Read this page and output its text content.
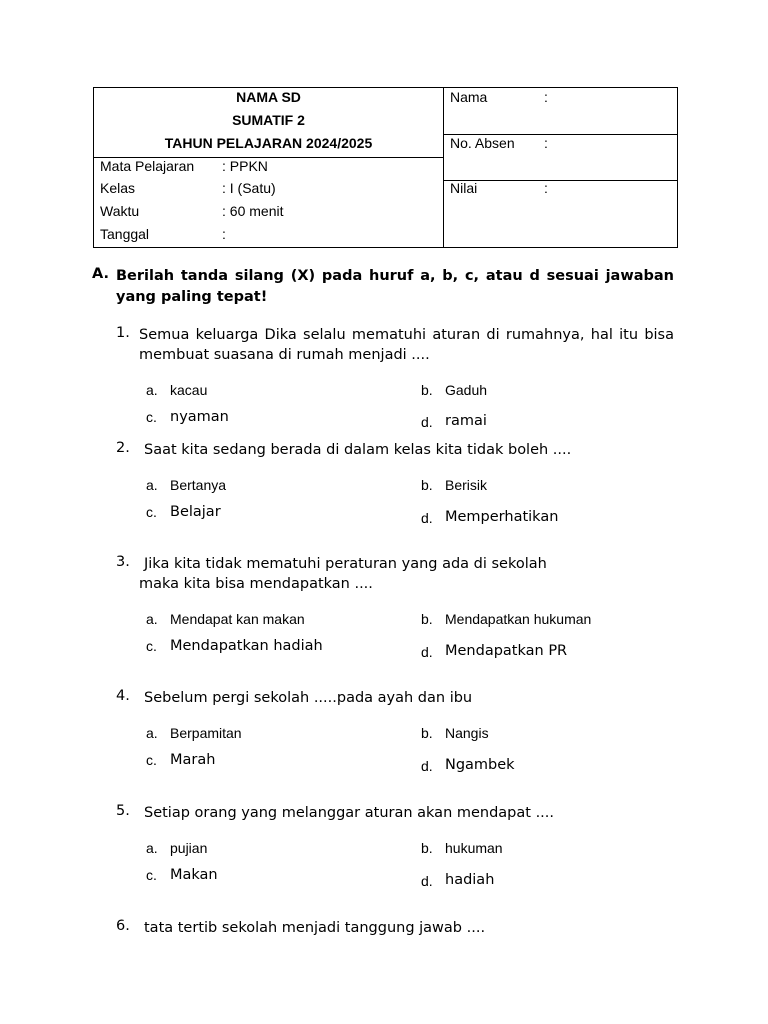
NAMA SD
SUMATIF 2
TAHUN PELAJARAN 2024/2025
Mata Pelajaran : PPKN
Kelas	: I (Satu)
Waktu	: 60 menit
Tanggal	:
Nama	:
No. Absen :
Nilai	:
A. Berilah tanda silang (X) pada huruf a, b, c, atau d sesuai jawaban yang paling tepat!
1. Semua keluarga Dika selalu mematuhi aturan di rumahnya, hal itu bisa membuat suasana di rumah menjadi ....
a. kacau	b. Gaduh
c. nyaman	d. ramai
2. Saat kita sedang berada di dalam kelas kita tidak boleh ....
a. Bertanya	b. Berisik
c. Belajar	d. Memperhatikan
3. Jika kita tidak mematuhi peraturan yang ada di sekolah
maka kita bisa mendapatkan ....
a. Mendapat kan makan	b. Mendapatkan hukuman
c. Mendapatkan hadiah	d. Mendapatkan PR
4. Sebelum pergi sekolah .....pada ayah dan ibu
a. Berpamitan	b. Nangis
c. Marah	d. Ngambek
5. Setiap orang yang melanggar aturan akan mendapat ....
a. pujian	b. hukuman
c. Makan	d. hadiah
6. tata tertib sekolah menjadi tanggung jawab ....
